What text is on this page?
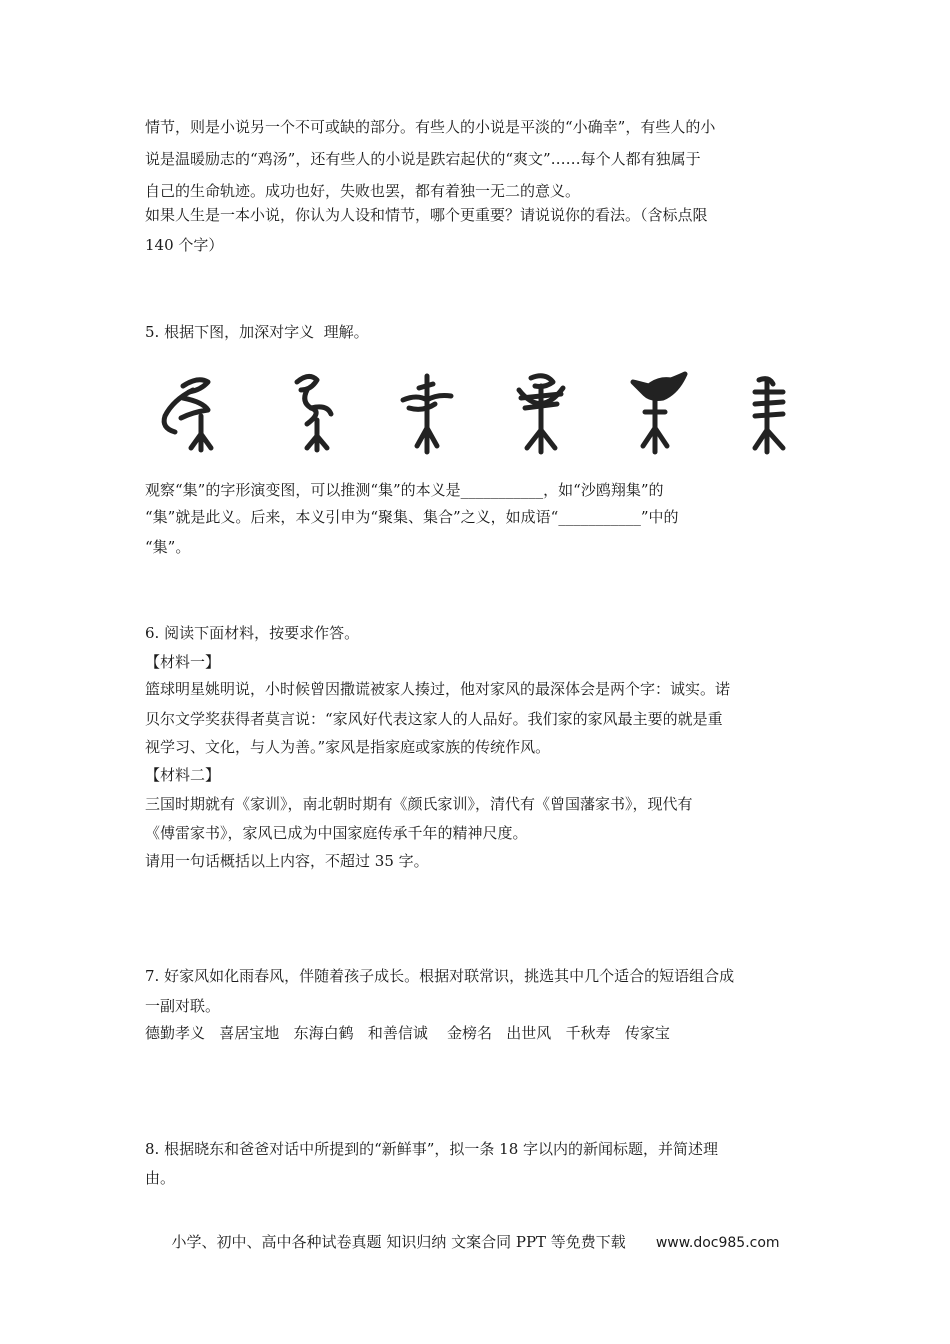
情节，则是小说另一个不可或缺的部分。有些人的小说是平淡的“小确幸”，有些人的小
说是温暖励志的“鸡汤”，还有些人的小说是跌宕起伏的“爽文”……每个人都有独属于
自己的生命轨迹。成功也好，失败也罢，都有着独一无二的意义。
如果人生是一本小说，你认为人设和情节，哪个更重要？请说说你的看法。（含标点限
140 个字）
5. 根据下图，加深对字义  理解。
观察“集”的字形演变图，可以推测“集”的本义是___________，如“沙鸥翔集”的
“集”就是此义。后来，本义引申为“聚集、集合”之义，如成语“___________”中的
“集”。
6. 阅读下面材料，按要求作答。
【材料一】
篮球明星姚明说，小时候曾因撒谎被家人揍过，他对家风的最深体会是两个字：诚实。诺
贝尔文学奖获得者莫言说：“家风好代表这家人的人品好。我们家的家风最主要的就是重
视学习、文化，与人为善。”家风是指家庭或家族的传统作风。
【材料二】
三国时期就有《家训》，南北朝时期有《颜氏家训》，清代有《曾国藩家书》，现代有
《傅雷家书》，家风已成为中国家庭传承千年的精神尺度。
请用一句话概括以上内容，不超过 35 字。
7. 好家风如化雨春风，伴随着孩子成长。根据对联常识，挑选其中几个适合的短语组合成
一副对联。
德勤孝义   喜居宝地   东海白鹤   和善信诚    金榜名   出世风   千秋寿   传家宝
8. 根据晓东和爸爸对话中所提到的“新鲜事”，拟一条 18 字以内的新闻标题，并简述理
由。

小学、初中、高中各种试卷真题 知识归纳 文案合同 PPT 等免费下载 www.doc985.com
